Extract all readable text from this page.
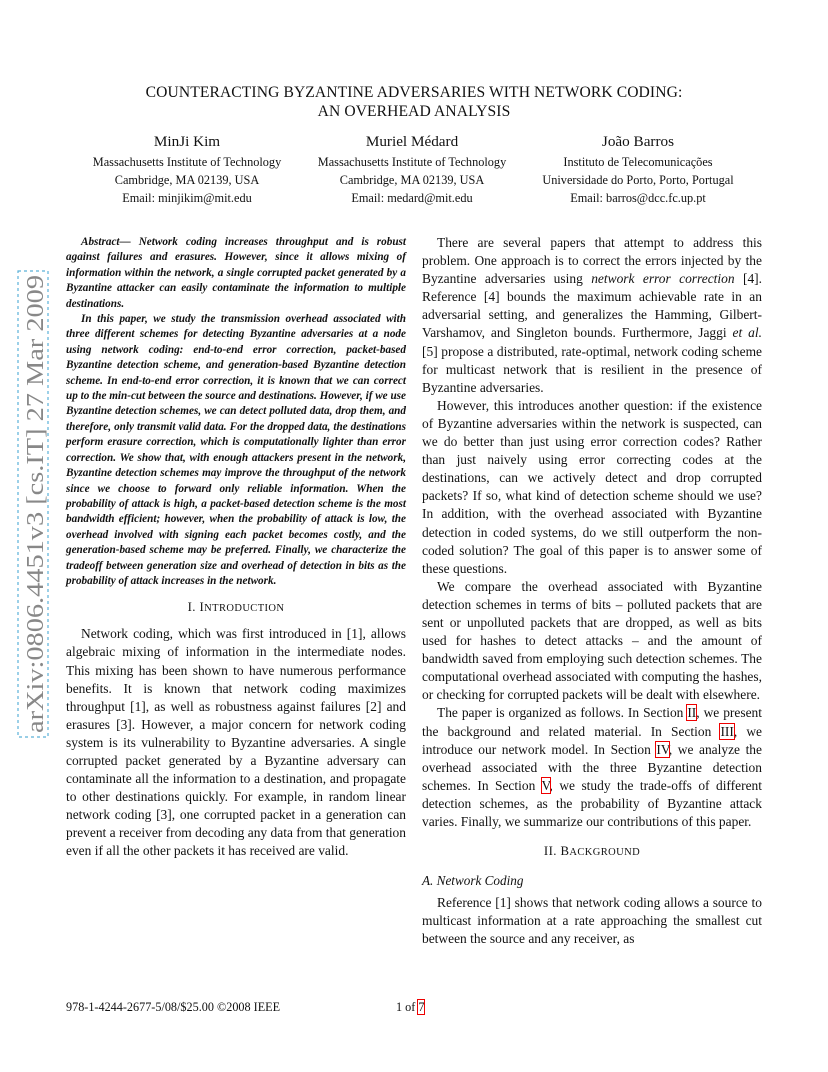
COUNTERACTING BYZANTINE ADVERSARIES WITH NETWORK CODING:
AN OVERHEAD ANALYSIS
MinJi Kim
Massachusetts Institute of Technology
Cambridge, MA 02139, USA
Email: minjikim@mit.edu
Muriel Médard
Massachusetts Institute of Technology
Cambridge, MA 02139, USA
Email: medard@mit.edu
João Barros
Instituto de Telecomunicações
Universidade do Porto, Porto, Portugal
Email: barros@dcc.fc.up.pt
arXiv:0806.4451v3 [cs.IT] 27 Mar 2009

Abstract— Network coding increases throughput and is robust against failures and erasures. However, since it allows mixing of information within the network, a single corrupted packet generated by a Byzantine attacker can easily contaminate the information to multiple destinations.

In this paper, we study the transmission overhead associated with three different schemes for detecting Byzantine adversaries at a node using network coding: end-to-end error correction, packet-based Byzantine detection scheme, and generation-based Byzantine detection scheme. In end-to-end error correction, it is known that we can correct up to the min-cut between the source and destinations. However, if we use Byzantine detection schemes, we can detect polluted data, drop them, and therefore, only transmit valid data. For the dropped data, the destinations perform erasure correction, which is computationally lighter than error correction. We show that, with enough attackers present in the network, Byzantine detection schemes may improve the throughput of the network since we choose to forward only reliable information. When the probability of attack is high, a packet-based detection scheme is the most bandwidth efficient; however, when the probability of attack is low, the overhead involved with signing each packet becomes costly, and the generation-based scheme may be preferred. Finally, we characterize the tradeoff between generation size and overhead of detection in bits as the probability of attack increases in the network.

I. INTRODUCTION

Network coding, which was first introduced in [1], allows algebraic mixing of information in the intermediate nodes. This mixing has been shown to have numerous performance benefits. It is known that network coding maximizes throughput [1], as well as robustness against failures [2] and erasures [3]. However, a major concern for network coding system is its vulnerability to Byzantine adversaries. A single corrupted packet generated by a Byzantine adversary can contaminate all the information to a destination, and propagate to other destinations quickly. For example, in random linear network coding [3], one corrupted packet in a generation can prevent a receiver from decoding any data from that generation even if all the other packets it has received are valid.

There are several papers that attempt to address this problem. One approach is to correct the errors injected by the Byzantine adversaries using network error correction [4]. Reference [4] bounds the maximum achievable rate in an adversarial setting, and generalizes the Hamming, Gilbert-Varshamov, and Singleton bounds. Furthermore, Jaggi et al. [5] propose a distributed, rate-optimal, network coding scheme for multicast network that is resilient in the presence of Byzantine adversaries.

However, this introduces another question: if the existence of Byzantine adversaries within the network is suspected, can we do better than just using error correction codes? Rather than just naively using error correcting codes at the destinations, can we actively detect and drop corrupted packets? If so, what kind of detection scheme should we use? In addition, with the overhead associated with Byzantine detection in coded systems, do we still outperform the non-coded solution? The goal of this paper is to answer some of these questions.

We compare the overhead associated with Byzantine detection schemes in terms of bits – polluted packets that are sent or unpolluted packets that are dropped, as well as bits used for hashes to detect attacks – and the amount of bandwidth saved from employing such detection schemes. The computational overhead associated with computing the hashes, or checking for corrupted packets will be dealt with elsewhere.

The paper is organized as follows. In Section II, we present the background and related material. In Section III, we introduce our network model. In Section IV, we analyze the overhead associated with the three Byzantine detection schemes. In Section V, we study the trade-offs of different detection schemes, as the probability of Byzantine attack varies. Finally, we summarize our contributions of this paper.

II. BACKGROUND
A. Network Coding

Reference [1] shows that network coding allows a source to multicast information at a rate approaching the smallest cut between the source and any receiver, as

978-1-4244-2677-5/08/$25.00 ©2008 IEEE	1 of 7
